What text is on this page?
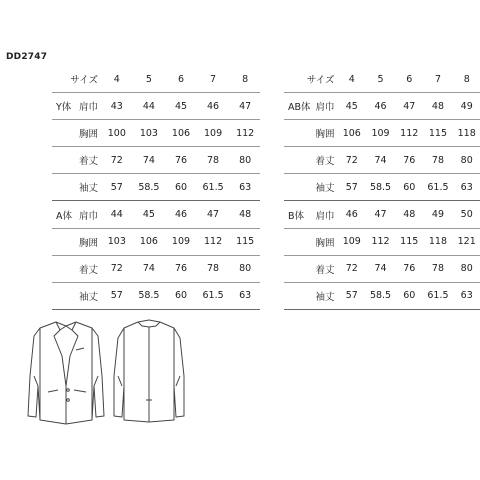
DD2747
サイズ		4	5	6	7	8
Y体	肩巾	43	44	45	46	47
	胸囲	100	103	106	109	112
	着丈	72	74	76	78	80
	袖丈	57	58.5	60	61.5	63
A体	肩巾	44	45	46	47	48
	胸囲	103	106	109	112	115
	着丈	72	74	76	78	80
	袖丈	57	58.5	60	61.5	63
サイズ		4	5	6	7	8
AB体	肩巾	45	46	47	48	49
	胸囲	106	109	112	115	118
	着丈	72	74	76	78	80
	袖丈	57	58.5	60	61.5	63
B体	肩巾	46	47	48	49	50
	胸囲	109	112	115	118	121
	着丈	72	74	76	78	80
	袖丈	57	58.5	60	61.5	63
